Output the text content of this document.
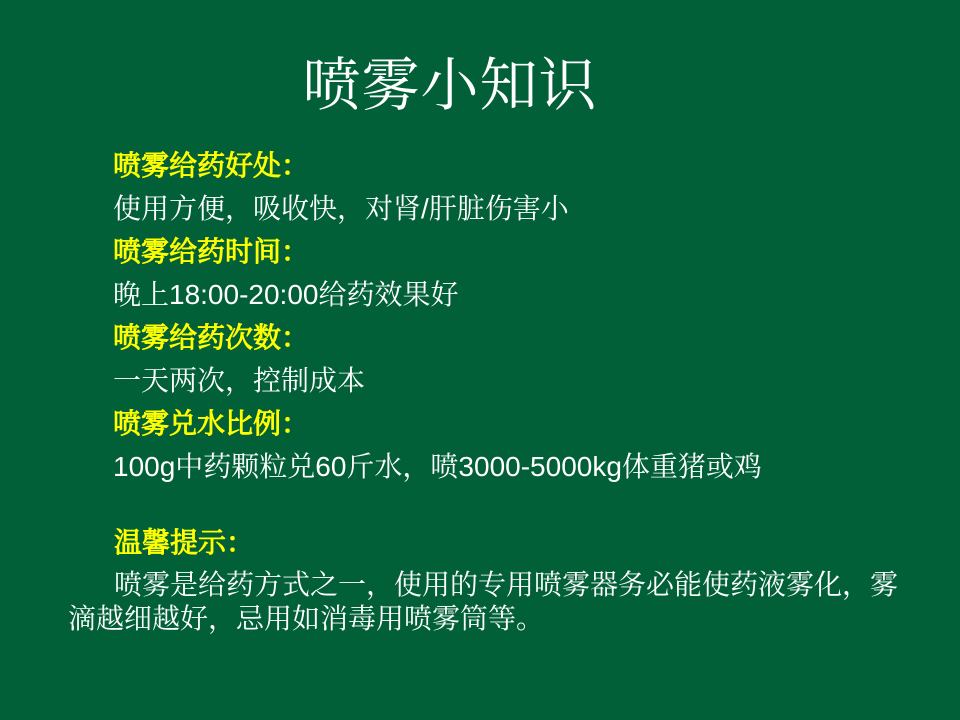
喷雾小知识

喷雾给药好处：

使用方便，吸收快，对肾/肝脏伤害小

喷雾给药时间：

晚上18:00-20:00给药效果好

喷雾给药次数：

一天两次，控制成本

喷雾兑水比例：

100g中药颗粒兑60斤水，喷3000-5000kg体重猪或鸡

温馨提示：

喷雾是给药方式之一，使用的专用喷雾器务必能使药液雾化，雾滴越细越好，忌用如消毒用喷雾筒等。
